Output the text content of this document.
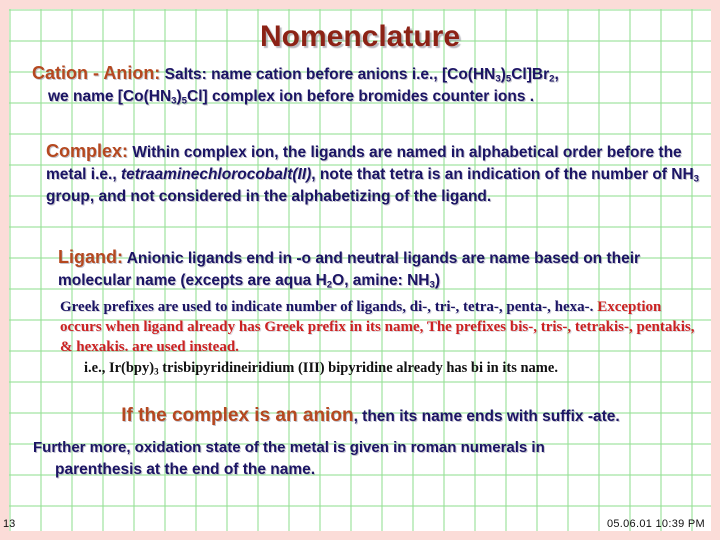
Nomenclature
Cation - Anion: Salts: name cation before anions i.e., $[Co(HN_3)_5Cl]Br_2$,
we name $[Co(HN_3)_5Cl]$ complex ion before bromides counter ions .
Complex: Within complex ion, the ligands are named in alphabetical order before the metal i.e., tetraaminechlorocobalt(II), note that tetra is an indication of the number of $NH_3$ group, and not considered in the alphabetizing of the ligand.
Ligand: Anionic ligands end in -o and neutral ligands are name based on their molecular name (excepts are aqua $H_2O$, amine: $NH_3$)
Greek prefixes are used to indicate number of ligands, di-, tri-, tetra-, penta-, hexa-. Exception occurs when ligand already has Greek prefix in its name, The prefixes bis-, tris-, tetrakis-, pentakis, & hexakis. are used instead.
i.e., $Ir(bpy)_3$ trisbipyridineiridium (III) bipyridine already has bi in its name.
If the complex is an anion, then its name ends with suffix -ate.
Further more, oxidation state of the metal is given in roman numerals in
parenthesis at the end of the name.
13	05.06.01 10:39 PM
